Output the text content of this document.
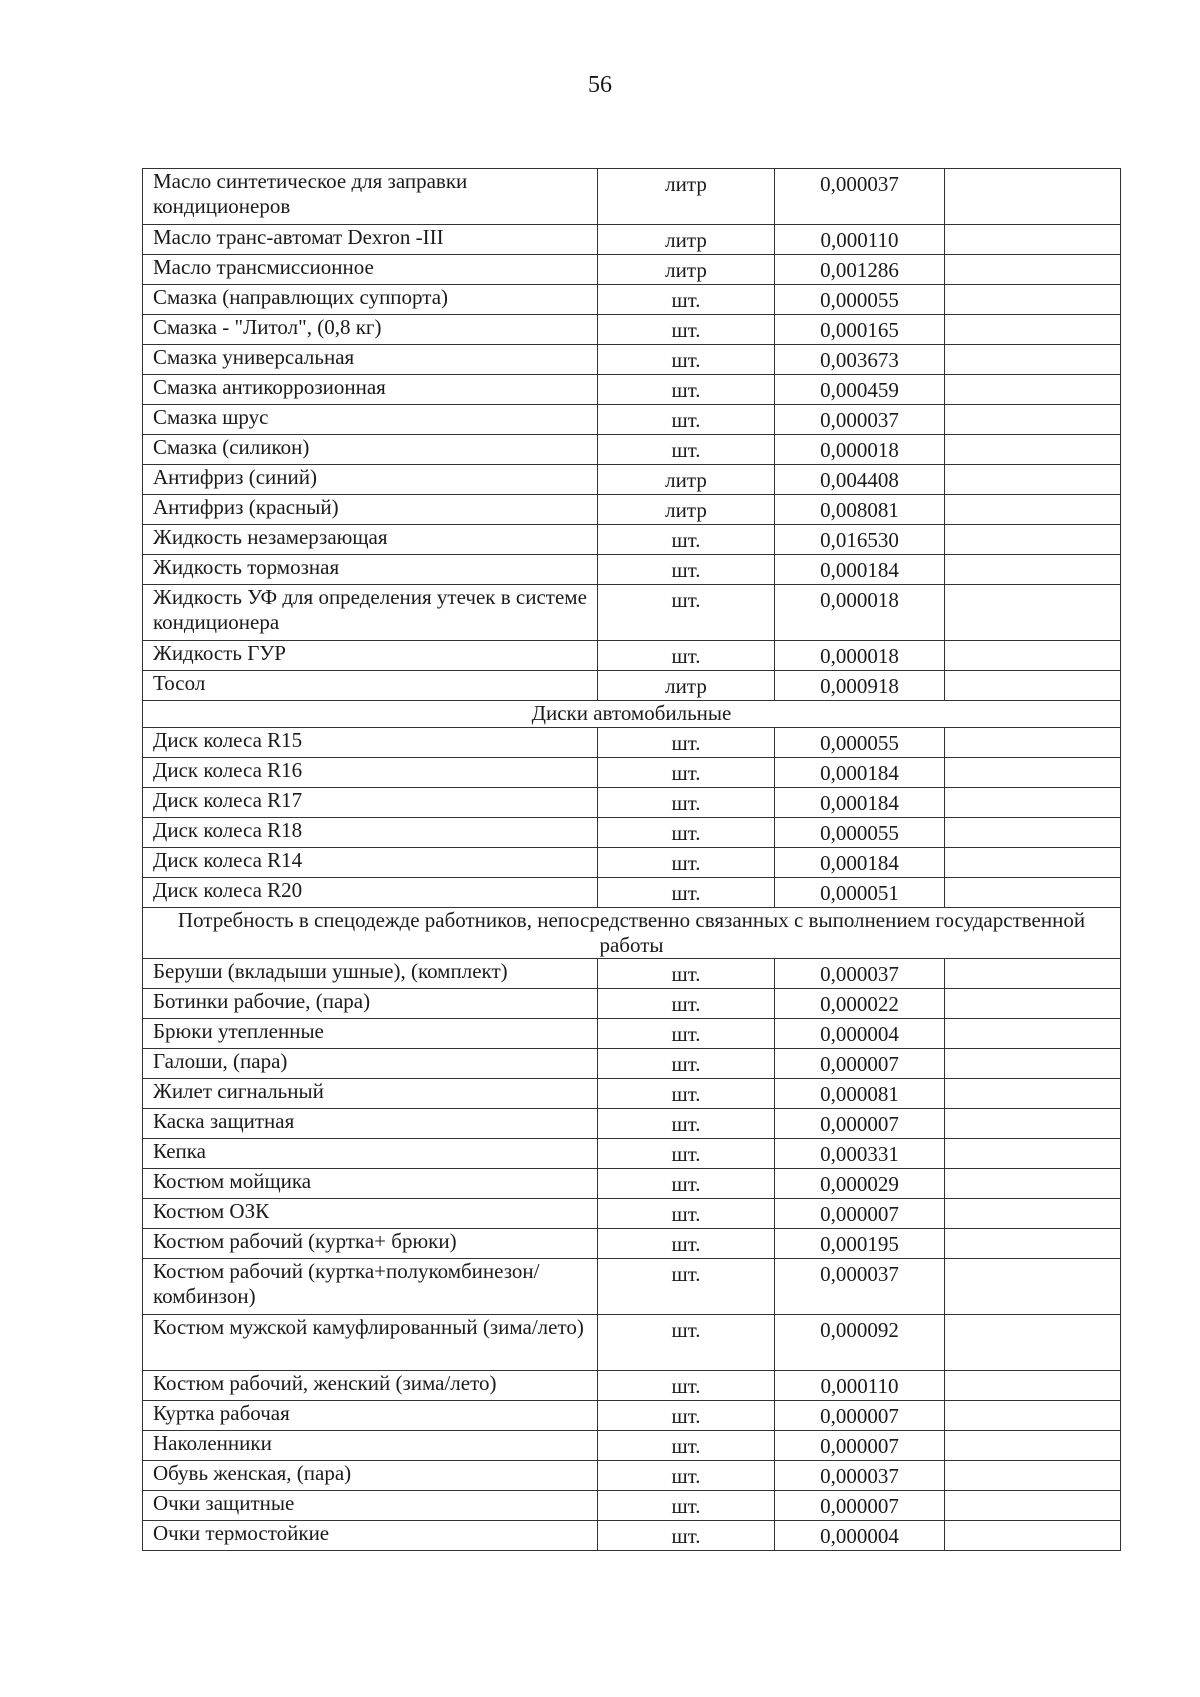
56
Масло синтетическое для заправки кондиционеров	литр	0,000037	
Масло транс-автомат Dexron -III	литр	0,000110	
Масло трансмиссионное	литр	0,001286	
Смазка (направлющих суппорта)	шт.	0,000055	
Смазка - "Литол", (0,8 кг)	шт.	0,000165	
Смазка универсальная	шт.	0,003673	
Смазка антикоррозионная	шт.	0,000459	
Смазка шрус	шт.	0,000037	
Смазка (силикон)	шт.	0,000018	
Антифриз (синий)	литр	0,004408	
Антифриз (красный)	литр	0,008081	
Жидкость незамерзающая	шт.	0,016530	
Жидкость тормозная	шт.	0,000184	
Жидкость УФ для определения утечек в системе кондиционера	шт.	0,000018	
Жидкость ГУР	шт.	0,000018	
Тосол	литр	0,000918	
Диски автомобильные			
Диск колеса R15	шт.	0,000055	
Диск колеса R16	шт.	0,000184	
Диск колеса R17	шт.	0,000184	
Диск колеса R18	шт.	0,000055	
Диск колеса R14	шт.	0,000184	
Диск колеса R20	шт.	0,000051	
Потребность в спецодежде работников, непосредственно связанных с выполнением государственной работы			
Беруши (вкладыши ушные), (комплект)	шт.	0,000037	
Ботинки рабочие, (пара)	шт.	0,000022	
Брюки утепленные	шт.	0,000004	
Галоши, (пара)	шт.	0,000007	
Жилет сигнальный	шт.	0,000081	
Каска защитная	шт.	0,000007	
Кепка	шт.	0,000331	
Костюм мойщика	шт.	0,000029	
Костюм ОЗК	шт.	0,000007	
Костюм рабочий (куртка+ брюки)	шт.	0,000195	
Костюм рабочий (куртка+полукомбинезон/комбинзон)	шт.	0,000037	
Костюм мужской камуфлированный (зима/лето)	шт.	0,000092	
Костюм рабочий, женский (зима/лето)	шт.	0,000110	
Куртка рабочая	шт.	0,000007	
Наколенники	шт.	0,000007	
Обувь женская, (пара)	шт.	0,000037	
Очки защитные	шт.	0,000007	
Очки термостойкие	шт.	0,000004	
